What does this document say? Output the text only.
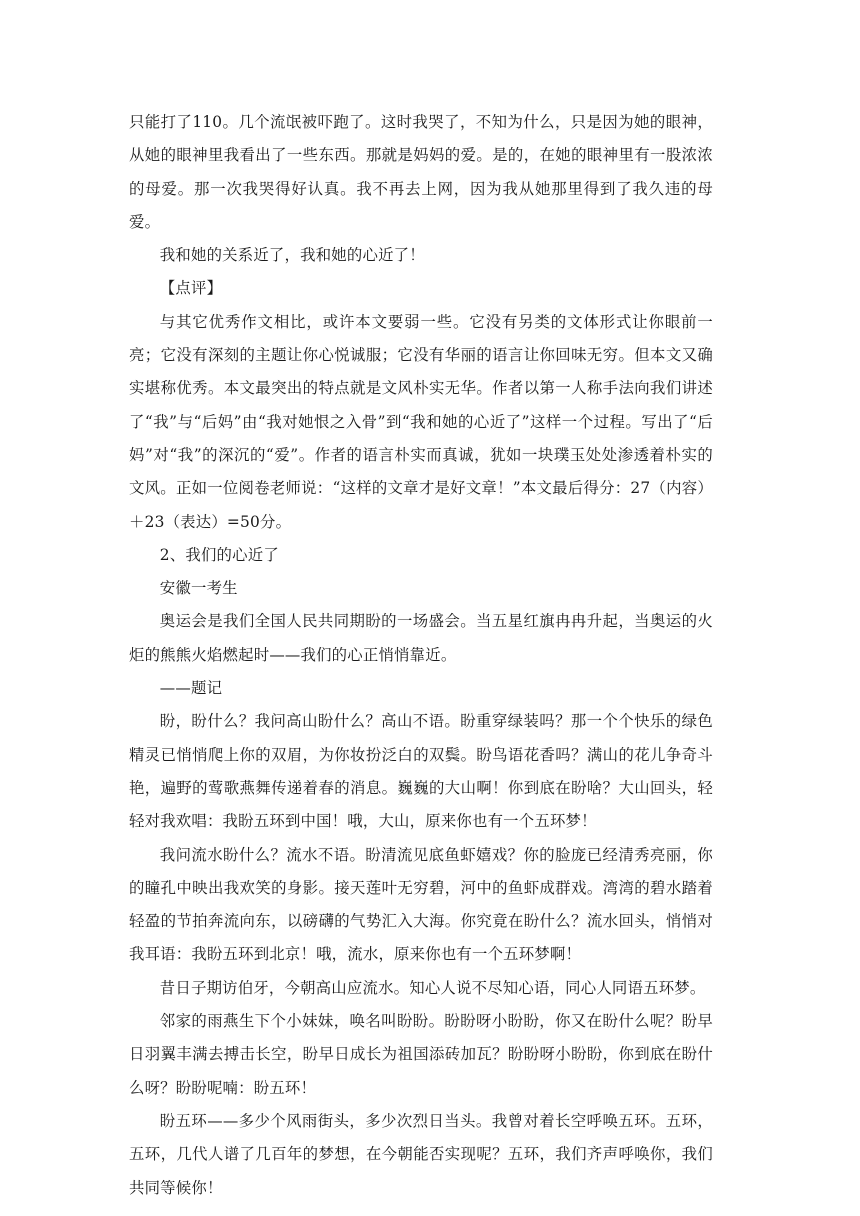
只能打了110。几个流氓被吓跑了。这时我哭了，不知为什么，只是因为她的眼神，从她的眼神里我看出了一些东西。那就是妈妈的爱。是的，在她的眼神里有一股浓浓的母爱。那一次我哭得好认真。我不再去上网，因为我从她那里得到了我久违的母爱。

我和她的关系近了，我和她的心近了！

【点评】

与其它优秀作文相比，或许本文要弱一些。它没有另类的文体形式让你眼前一亮；它没有深刻的主题让你心悦诚服；它没有华丽的语言让你回味无穷。但本文又确实堪称优秀。本文最突出的特点就是文风朴实无华。作者以第一人称手法向我们讲述了“我”与“后妈”由“我对她恨之入骨”到“我和她的心近了”这样一个过程。写出了“后妈”对“我”的深沉的“爱”。作者的语言朴实而真诚，犹如一块璞玉处处渗透着朴实的文风。正如一位阅卷老师说：“这样的文章才是好文章！”本文最后得分：27（内容）＋23（表达）=50分。

2、我们的心近了

安徽一考生

奥运会是我们全国人民共同期盼的一场盛会。当五星红旗冉冉升起，当奥运的火炬的熊熊火焰燃起时——我们的心正悄悄靠近。

——题记

盼，盼什么？我问高山盼什么？高山不语。盼重穿绿装吗？那一个个快乐的绿色精灵已悄悄爬上你的双眉，为你妆扮泛白的双鬓。盼鸟语花香吗？满山的花儿争奇斗艳，遍野的莺歌燕舞传递着春的消息。巍巍的大山啊！你到底在盼啥？大山回头，轻轻对我欢唱：我盼五环到中国！哦，大山，原来你也有一个五环梦！

我问流水盼什么？流水不语。盼清流见底鱼虾嬉戏？你的脸庞已经清秀亮丽，你的瞳孔中映出我欢笑的身影。接天莲叶无穷碧，河中的鱼虾成群戏。湾湾的碧水踏着轻盈的节拍奔流向东，以磅礴的气势汇入大海。你究竟在盼什么？流水回头，悄悄对我耳语：我盼五环到北京！哦，流水，原来你也有一个五环梦啊！

昔日子期访伯牙，今朝高山应流水。知心人说不尽知心语，同心人同语五环梦。

邻家的雨燕生下个小妹妹，唤名叫盼盼。盼盼呀小盼盼，你又在盼什么呢？盼早日羽翼丰满去搏击长空，盼早日成长为祖国添砖加瓦？盼盼呀小盼盼，你到底在盼什么呀？盼盼呢喃：盼五环！

盼五环——多少个风雨街头，多少次烈日当头。我曾对着长空呼唤五环。五环，五环，几代人谱了几百年的梦想，在今朝能否实现呢？五环，我们齐声呼唤你，我们共同等候你！
